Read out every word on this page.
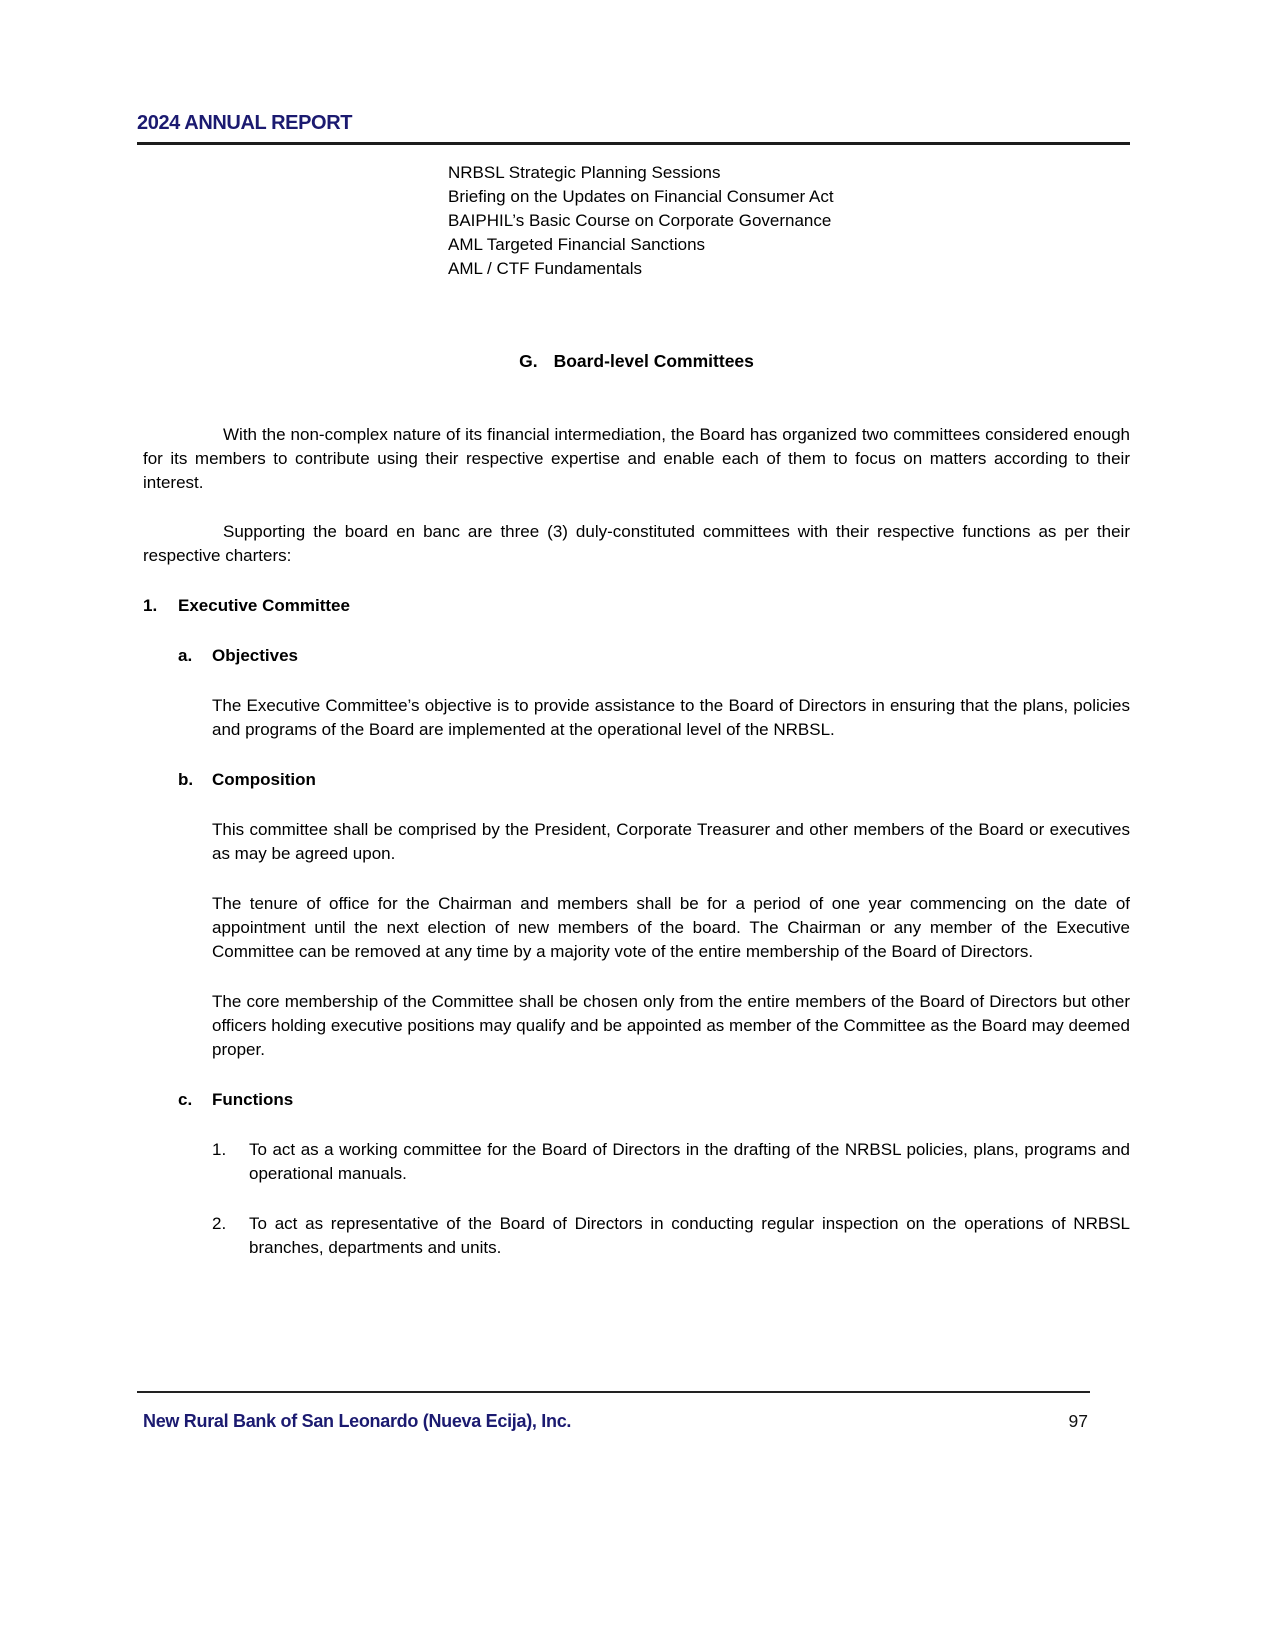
2024 ANNUAL REPORT
NRBSL Strategic Planning Sessions
Briefing on the Updates on Financial Consumer Act
BAIPHIL’s Basic Course on Corporate Governance
AML Targeted Financial Sanctions
AML / CTF Fundamentals
G. Board-level Committees

With the non-complex nature of its financial intermediation, the Board has organized two committees considered enough for its members to contribute using their respective expertise and enable each of them to focus on matters according to their interest.

Supporting the board en banc are three (3) duly-constituted committees with their respective functions as per their respective charters:

1.	Executive Committee
a.	Objectives

The Executive Committee’s objective is to provide assistance to the Board of Directors in ensuring that the plans, policies and programs of the Board are implemented at the operational level of the NRBSL.

b.	Composition

This committee shall be comprised by the President, Corporate Treasurer and other members of the Board or executives as may be agreed upon.

The tenure of office for the Chairman and members shall be for a period of one year commencing on the date of appointment until the next election of new members of the board. The Chairman or any member of the Executive Committee can be removed at any time by a majority vote of the entire membership of the Board of Directors.

The core membership of the Committee shall be chosen only from the entire members of the Board of Directors but other officers holding executive positions may qualify and be appointed as member of the Committee as the Board may deemed proper.

c.	Functions
1.	To act as a working committee for the Board of Directors in the drafting of the NRBSL policies, plans, programs and operational manuals.
2.	To act as representative of the Board of Directors in conducting regular inspection on the operations of NRBSL branches, departments and units.
New Rural Bank of San Leonardo (Nueva Ecija), Inc.	97
